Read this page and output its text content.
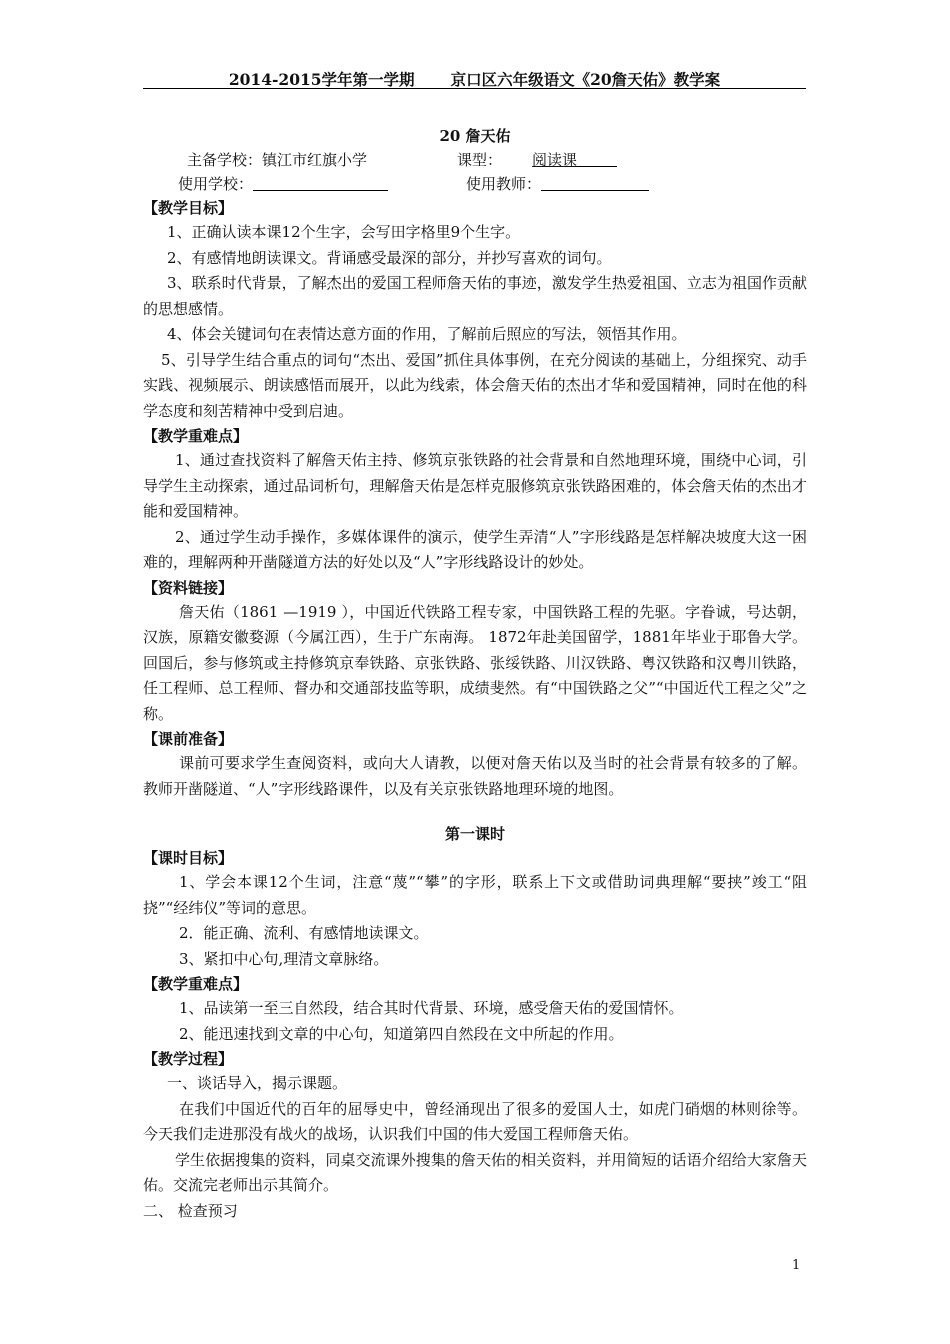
2014-2015学年第一学期 京口区六年级语文《20詹天佑》教学案
20 詹天佑
主备学校：镇江市红旗小学	课型： 阅读课
使用学校：	使用教师：
【教学目标】
1、正确认读本课12个生字，会写田字格里9个生字。
2、有感情地朗读课文。背诵感受最深的部分，并抄写喜欢的词句。
3、联系时代背景，了解杰出的爱国工程师詹天佑的事迹，激发学生热爱祖国、立志为祖国作贡献的思想感情。
4、体会关键词句在表情达意方面的作用，了解前后照应的写法，领悟其作用。
5、引导学生结合重点的词句“杰出、爱国”抓住具体事例，在充分阅读的基础上，分组探究、动手实践、视频展示、朗读感悟而展开，以此为线索，体会詹天佑的杰出才华和爱国精神，同时在他的科学态度和刻苦精神中受到启迪。
【教学重难点】
1、通过查找资料了解詹天佑主持、修筑京张铁路的社会背景和自然地理环境，围绕中心词，引导学生主动探索，通过品词析句，理解詹天佑是怎样克服修筑京张铁路困难的，体会詹天佑的杰出才能和爱国精神。
2、通过学生动手操作，多媒体课件的演示，使学生弄清“人”字形线路是怎样解决坡度大这一困难的，理解两种开凿隧道方法的好处以及“人”字形线路设计的妙处。
【资料链接】
詹天佑（1861 —1919 ），中国近代铁路工程专家，中国铁路工程的先驱。字眷诚，号达朝，汉族，原籍安徽婺源（今属江西），生于广东南海。 1872年赴美国留学，1881年毕业于耶鲁大学。回国后，参与修筑或主持修筑京奉铁路、京张铁路、张绥铁路、川汉铁路、粤汉铁路和汉粤川铁路，任工程师、总工程师、督办和交通部技监等职，成绩斐然。有“中国铁路之父”“中国近代工程之父”之称。
【课前准备】
课前可要求学生查阅资料，或向大人请教，以便对詹天佑以及当时的社会背景有较多的了解。教师开凿隧道、“人”字形线路课件，以及有关京张铁路地理环境的地图。
第一课时
【课时目标】
1、学会本课12个生词，注意“蔑”“攀”的字形，联系上下文或借助词典理解“要挟”竣工“阻挠”“经纬仪”等词的意思。
2．能正确、流利、有感情地读课文。
3、紧扣中心句,理清文章脉络。
【教学重难点】
1、品读第一至三自然段，结合其时代背景、环境，感受詹天佑的爱国情怀。
2、能迅速找到文章的中心句，知道第四自然段在文中所起的作用。
【教学过程】
一、谈话导入，揭示课题。
在我们中国近代的百年的屈辱史中，曾经涌现出了很多的爱国人士，如虎门硝烟的林则徐等。今天我们走进那没有战火的战场，认识我们中国的伟大爱国工程师詹天佑。
学生依据搜集的资料，同桌交流课外搜集的詹天佑的相关资料，并用简短的话语介绍给大家詹天佑。交流完老师出示其简介。
二、 检查预习
1
